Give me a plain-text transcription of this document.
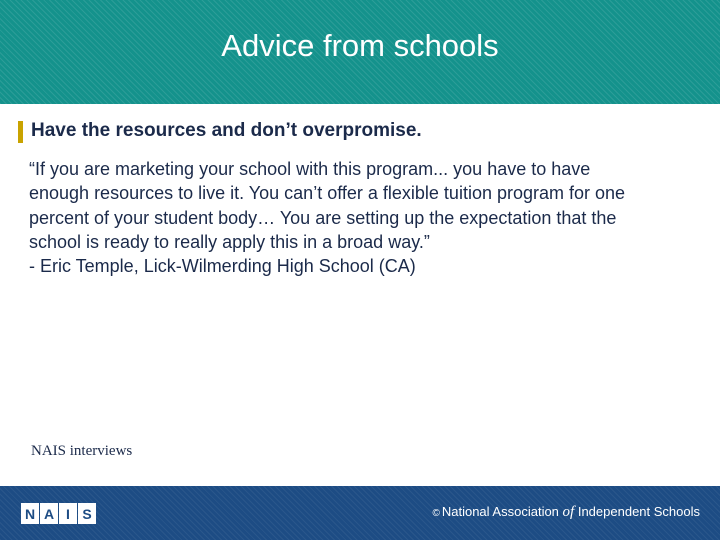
Advice from schools
Have the resources and don’t overpromise.
“If you are marketing your school with this program... you have to have
enough resources to live it. You can’t offer a flexible tuition program for one
percent of your student body… You are setting up the expectation that the
school is ready to really apply this in a broad way.”
- Eric Temple, Lick-Wilmerding High School (CA)
NAIS interviews
N A I S	© National Association of Independent Schools
